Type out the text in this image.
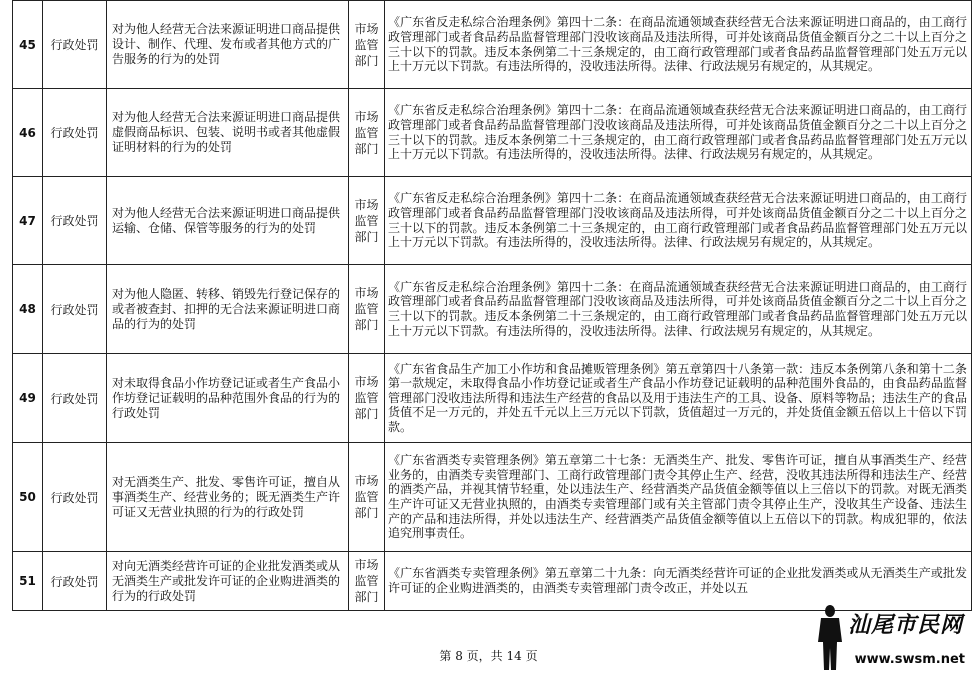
45	行政处罚	对为他人经营无合法来源证明进口商品提供设计、制作、代理、发布或者其他方式的广告服务的行为的处罚	市场监管部门	《广东省反走私综合治理条例》第四十二条：在商品流通领域查获经营无合法来源证明进口商品的，由工商行政管理部门或者食品药品监督管理部门没收该商品及违法所得，可并处该商品货值金额百分之二十以上百分之三十以下的罚款。违反本条例第二十三条规定的，由工商行政管理部门或者食品药品监督管理部门处五万元以上十万元以下罚款。有违法所得的，没收违法所得。法律、行政法规另有规定的，从其规定。
46	行政处罚	对为他人经营无合法来源证明进口商品提供虚假商品标识、包装、说明书或者其他虚假证明材料的行为的处罚	市场监管部门	《广东省反走私综合治理条例》第四十二条：在商品流通领域查获经营无合法来源证明进口商品的，由工商行政管理部门或者食品药品监督管理部门没收该商品及违法所得，可并处该商品货值金额百分之二十以上百分之三十以下的罚款。违反本条例第二十三条规定的，由工商行政管理部门或者食品药品监督管理部门处五万元以上十万元以下罚款。有违法所得的，没收违法所得。法律、行政法规另有规定的，从其规定。
47	行政处罚	对为他人经营无合法来源证明进口商品提供运输、仓储、保管等服务的行为的处罚	市场监管部门	《广东省反走私综合治理条例》第四十二条：在商品流通领域查获经营无合法来源证明进口商品的，由工商行政管理部门或者食品药品监督管理部门没收该商品及违法所得，可并处该商品货值金额百分之二十以上百分之三十以下的罚款。违反本条例第二十三条规定的，由工商行政管理部门或者食品药品监督管理部门处五万元以上十万元以下罚款。有违法所得的，没收违法所得。法律、行政法规另有规定的，从其规定。
48	行政处罚	对为他人隐匿、转移、销毁先行登记保存的或者被查封、扣押的无合法来源证明进口商品的行为的处罚	市场监管部门	《广东省反走私综合治理条例》第四十二条：在商品流通领域查获经营无合法来源证明进口商品的，由工商行政管理部门或者食品药品监督管理部门没收该商品及违法所得，可并处该商品货值金额百分之二十以上百分之三十以下的罚款。违反本条例第二十三条规定的，由工商行政管理部门或者食品药品监督管理部门处五万元以上十万元以下罚款。有违法所得的，没收违法所得。法律、行政法规另有规定的，从其规定。
49	行政处罚	对未取得食品小作坊登记证或者生产食品小作坊登记证载明的品种范围外食品的行为的行政处罚	市场监管部门	《广东省食品生产加工小作坊和食品摊贩管理条例》第五章第四十八条第一款：违反本条例第八条和第十二条第一款规定，未取得食品小作坊登记证或者生产食品小作坊登记证载明的品种范围外食品的，由食品药品监督管理部门没收违法所得和违法生产经营的食品以及用于违法生产的工具、设备、原料等物品；违法生产的食品货值不足一万元的，并处五千元以上三万元以下罚款，货值超过一万元的，并处货值金额五倍以上十倍以下罚款。
50	行政处罚	对无酒类生产、批发、零售许可证，擅自从事酒类生产、经营业务的；既无酒类生产许可证又无营业执照的行为的行政处罚	市场监管部门	《广东省酒类专卖管理条例》第五章第二十七条：无酒类生产、批发、零售许可证，擅自从事酒类生产、经营业务的，由酒类专卖管理部门、工商行政管理部门责令其停止生产、经营，没收其违法所得和违法生产、经营的酒类产品，并视其情节轻重，处以违法生产、经营酒类产品货值金额等值以上三倍以下的罚款。对既无酒类生产许可证又无营业执照的，由酒类专卖管理部门或有关主管部门责令其停止生产，没收其生产设备、违法生产的产品和违法所得，并处以违法生产、经营酒类产品货值金额等值以上五倍以下的罚款。构成犯罪的，依法追究刑事责任。
51	行政处罚	对向无酒类经营许可证的企业批发酒类或从无酒类生产或批发许可证的企业购进酒类的行为的行政处罚	市场监管部门	《广东省酒类专卖管理条例》第五章第二十九条：向无酒类经营许可证的企业批发酒类或从无酒类生产或批发许可证的企业购进酒类的，由酒类专卖管理部门责令改正，并处以五
第 8 页，共 14 页
汕尾市民网
www.swsm.net
